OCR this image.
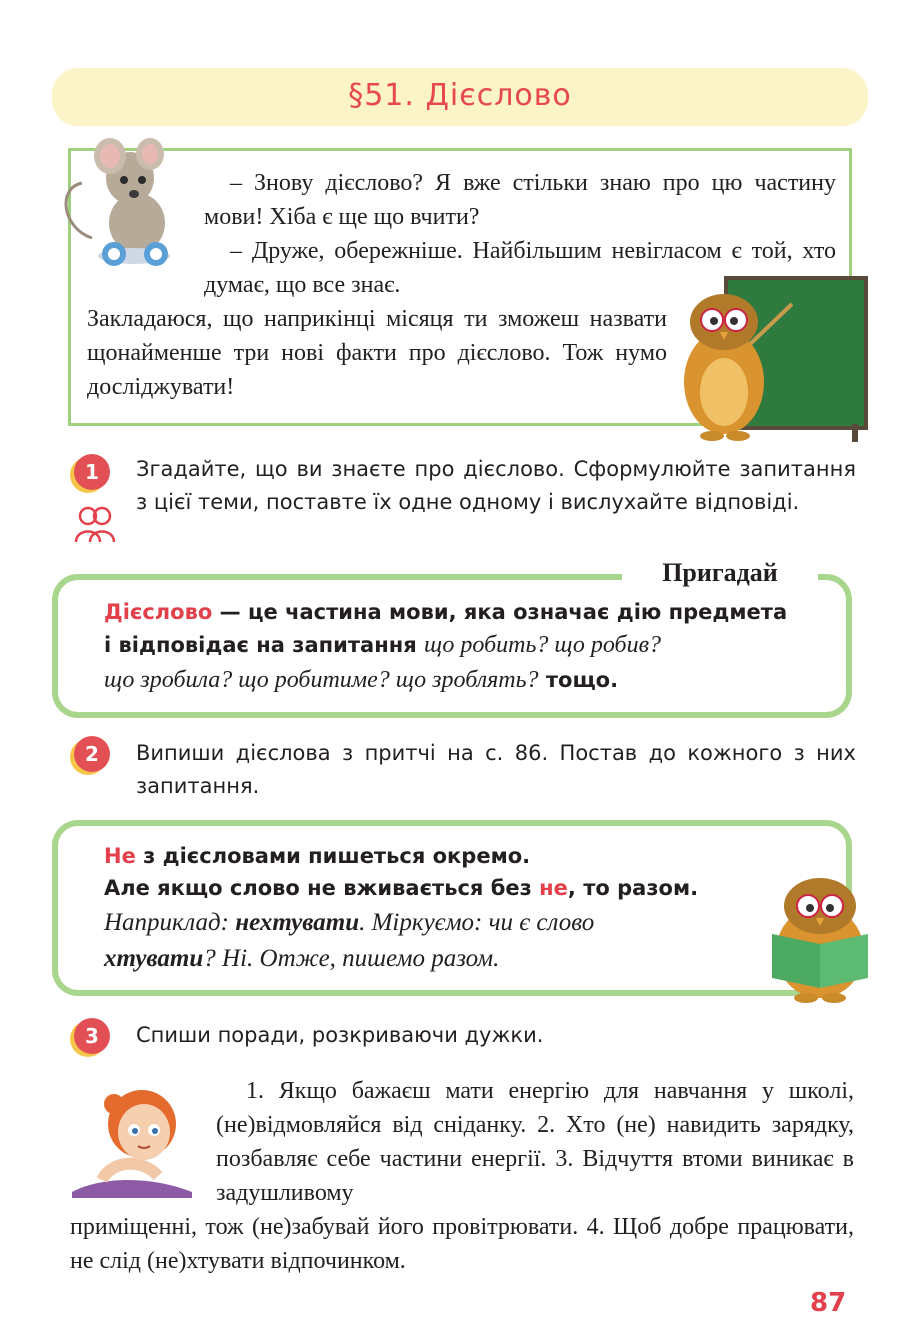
§51. Дієслово
– Знову дієслово? Я вже стільки знаю про цю частину мови! Хіба є ще що вчити?
– Друже, обережніше. Найбільшим невігласом є той, хто думає, що все знає.
Закладаюся, що наприкінці місяця ти зможеш назвати щонайменше три нові факти про дієслово. Тож нумо досліджувати!
1	Згадайте, що ви знаєте про дієслово. Сформулюйте запитання з цієї теми, поставте їх одне одному і вислухайте відповіді.
Пригадай
Дієслово — це частина мови, яка означає дію предмета
і відповідає на запитання що робить? що робив?
що зробила? що робитиме? що зроблять? тощо.
2	Випиши дієслова з притчі на с. 86. Постав до кожного з них запитання.
Не з дієсловами пишеться окремо.
Але якщо слово не вживається без не, то разом.
Наприклад: нехтувати. Міркуємо: чи є слово
хтувати? Ні. Отже, пишемо разом.
3	Спиши поради, розкриваючи дужки.
1. Якщо бажаєш мати енергію для навчання у школі, (не)відмовляйся від сніданку. 2. Хто (не) навидить зарядку, позбавляє себе частини енергії. 3. Відчуття втоми виникає в задушливому
приміщенні, тож (не)забувай його провітрювати. 4. Щоб добре працювати, не слід (не)хтувати відпочинком.
87
